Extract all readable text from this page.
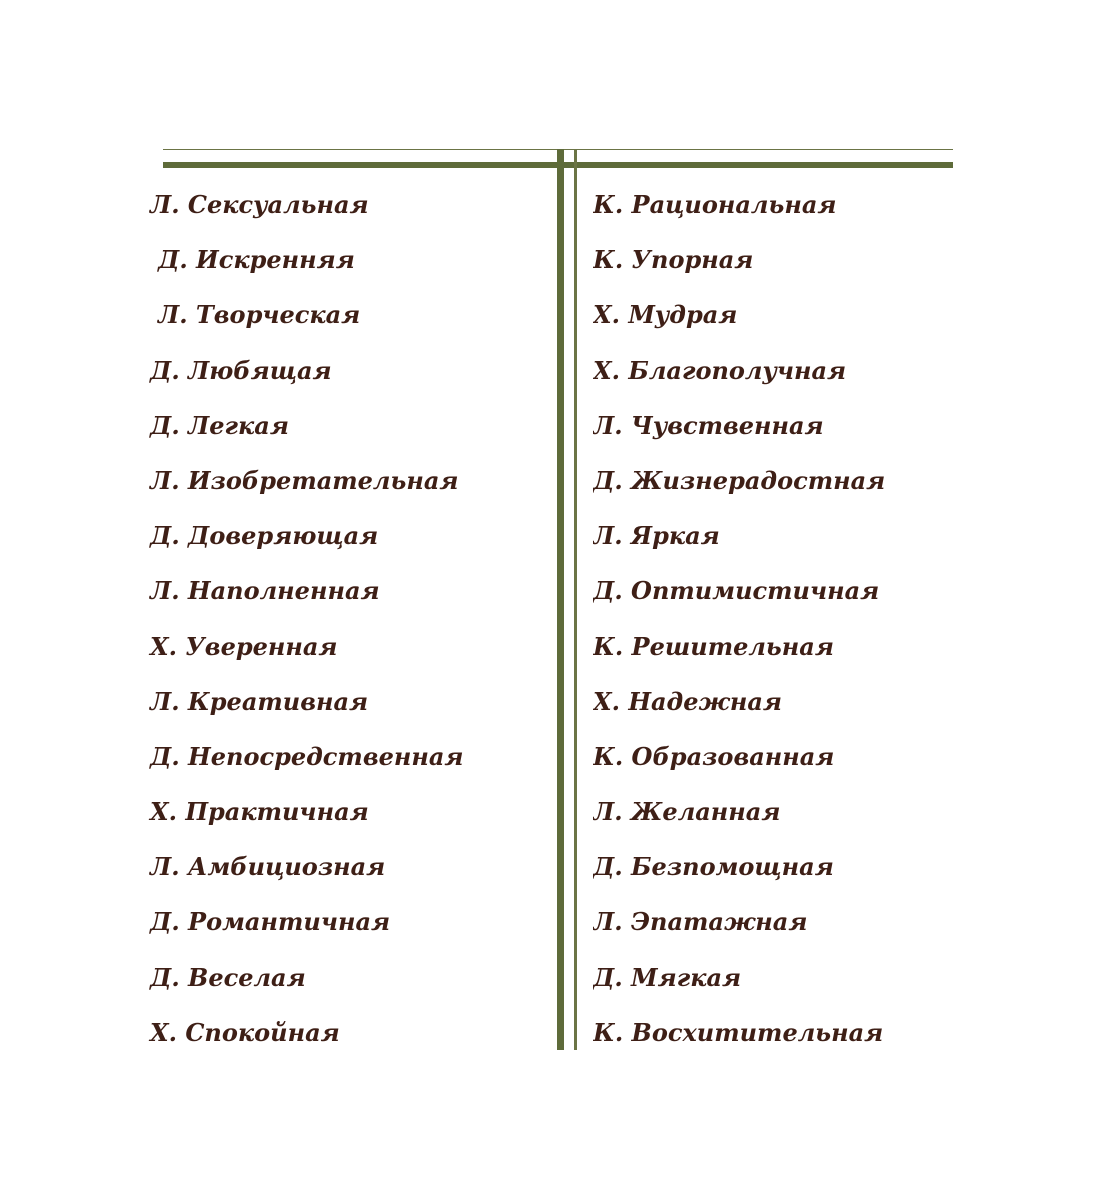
Л. Сексуальная
Д. Искренняя
Л. Творческая
Д. Любящая
Д. Легкая
Л. Изобретательная
Д. Доверяющая
Л. Наполненная
Х. Уверенная
Л. Креативная
Д. Непосредственная
Х. Практичная
Л. Амбициозная
Д. Романтичная
Д. Веселая
Х. Спокойная
К. Рациональная
К. Упорная
Х. Мудрая
Х. Благополучная
Л. Чувственная
Д. Жизнерадостная
Л. Яркая
Д. Оптимистичная
К. Решительная
Х. Надежная
К. Образованная
Л. Желанная
Д. Безпомощная
Л. Эпатажная
Д. Мягкая
К. Восхитительная
